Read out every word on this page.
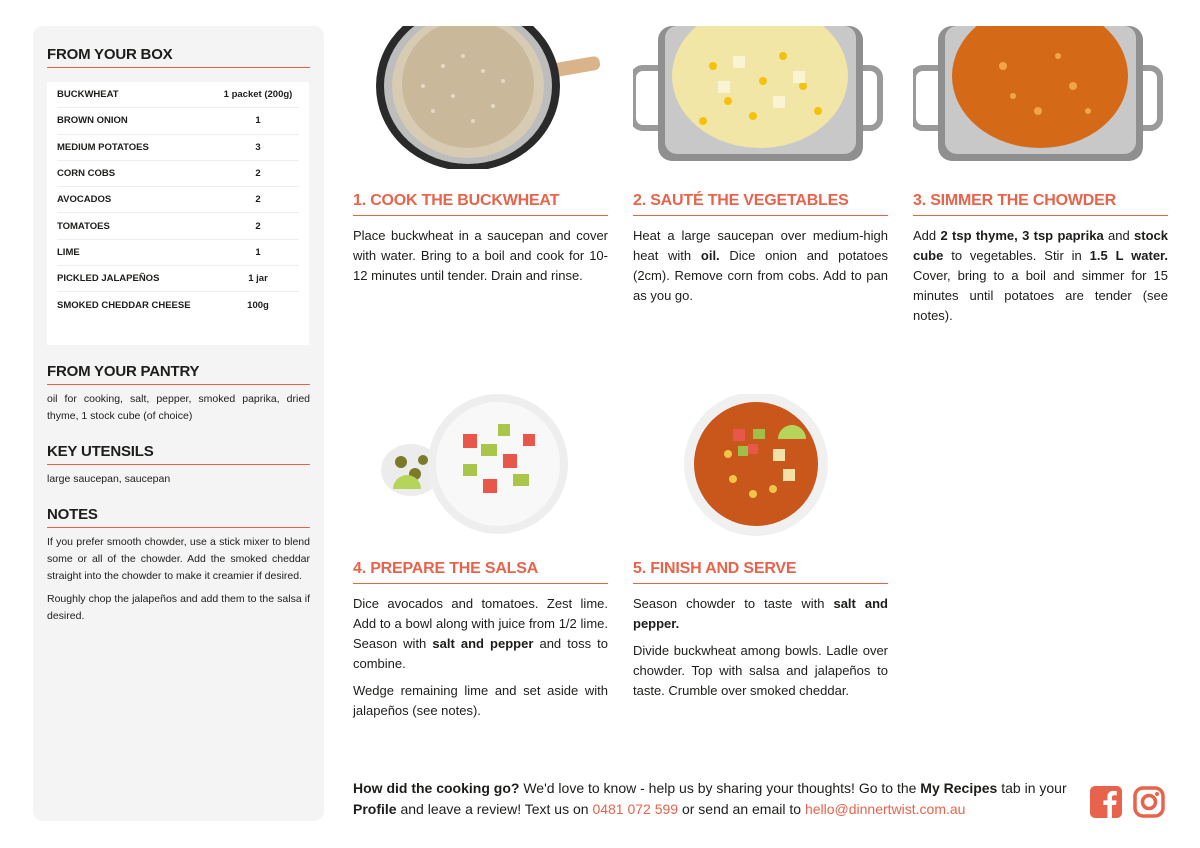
FROM YOUR BOX
BUCKWHEAT	1 packet (200g)
BROWN ONION	1
MEDIUM POTATOES	3
CORN COBS	2
AVOCADOS	2
TOMATOES	2
LIME	1
PICKLED JALAPEÑOS	1 jar
SMOKED CHEDDAR CHEESE	100g
FROM YOUR PANTRY
oil for cooking, salt, pepper, smoked paprika, dried thyme, 1 stock cube (of choice)
KEY UTENSILS
large saucepan, saucepan
NOTES

If you prefer smooth chowder, use a stick mixer to blend some or all of the chowder. Add the smoked cheddar straight into the chowder to make it creamier if desired.

Roughly chop the jalapeños and add them to the salsa if desired.

1. COOK THE BUCKWHEAT

Place buckwheat in a saucepan and cover with water. Bring to a boil and cook for 10-12 minutes until tender. Drain and rinse.

2. SAUTÉ THE VEGETABLES

Heat a large saucepan over medium-high heat with oil. Dice onion and potatoes (2cm). Remove corn from cobs. Add to pan as you go.

3. SIMMER THE CHOWDER

Add 2 tsp thyme, 3 tsp paprika and stock cube to vegetables. Stir in 1.5 L water. Cover, bring to a boil and simmer for 15 minutes until potatoes are tender (see notes).

4. PREPARE THE SALSA

Dice avocados and tomatoes. Zest lime. Add to a bowl along with juice from 1/2 lime. Season with salt and pepper and toss to combine.

Wedge remaining lime and set aside with jalapeños (see notes).

5. FINISH AND SERVE

Season chowder to taste with salt and pepper.

Divide buckwheat among bowls. Ladle over chowder. Top with salsa and jalapeños to taste. Crumble over smoked cheddar.

How did the cooking go? We'd love to know - help us by sharing your thoughts! Go to the My Recipes tab in your Profile and leave a review! Text us on 0481 072 599 or send an email to hello@dinnertwist.com.au
